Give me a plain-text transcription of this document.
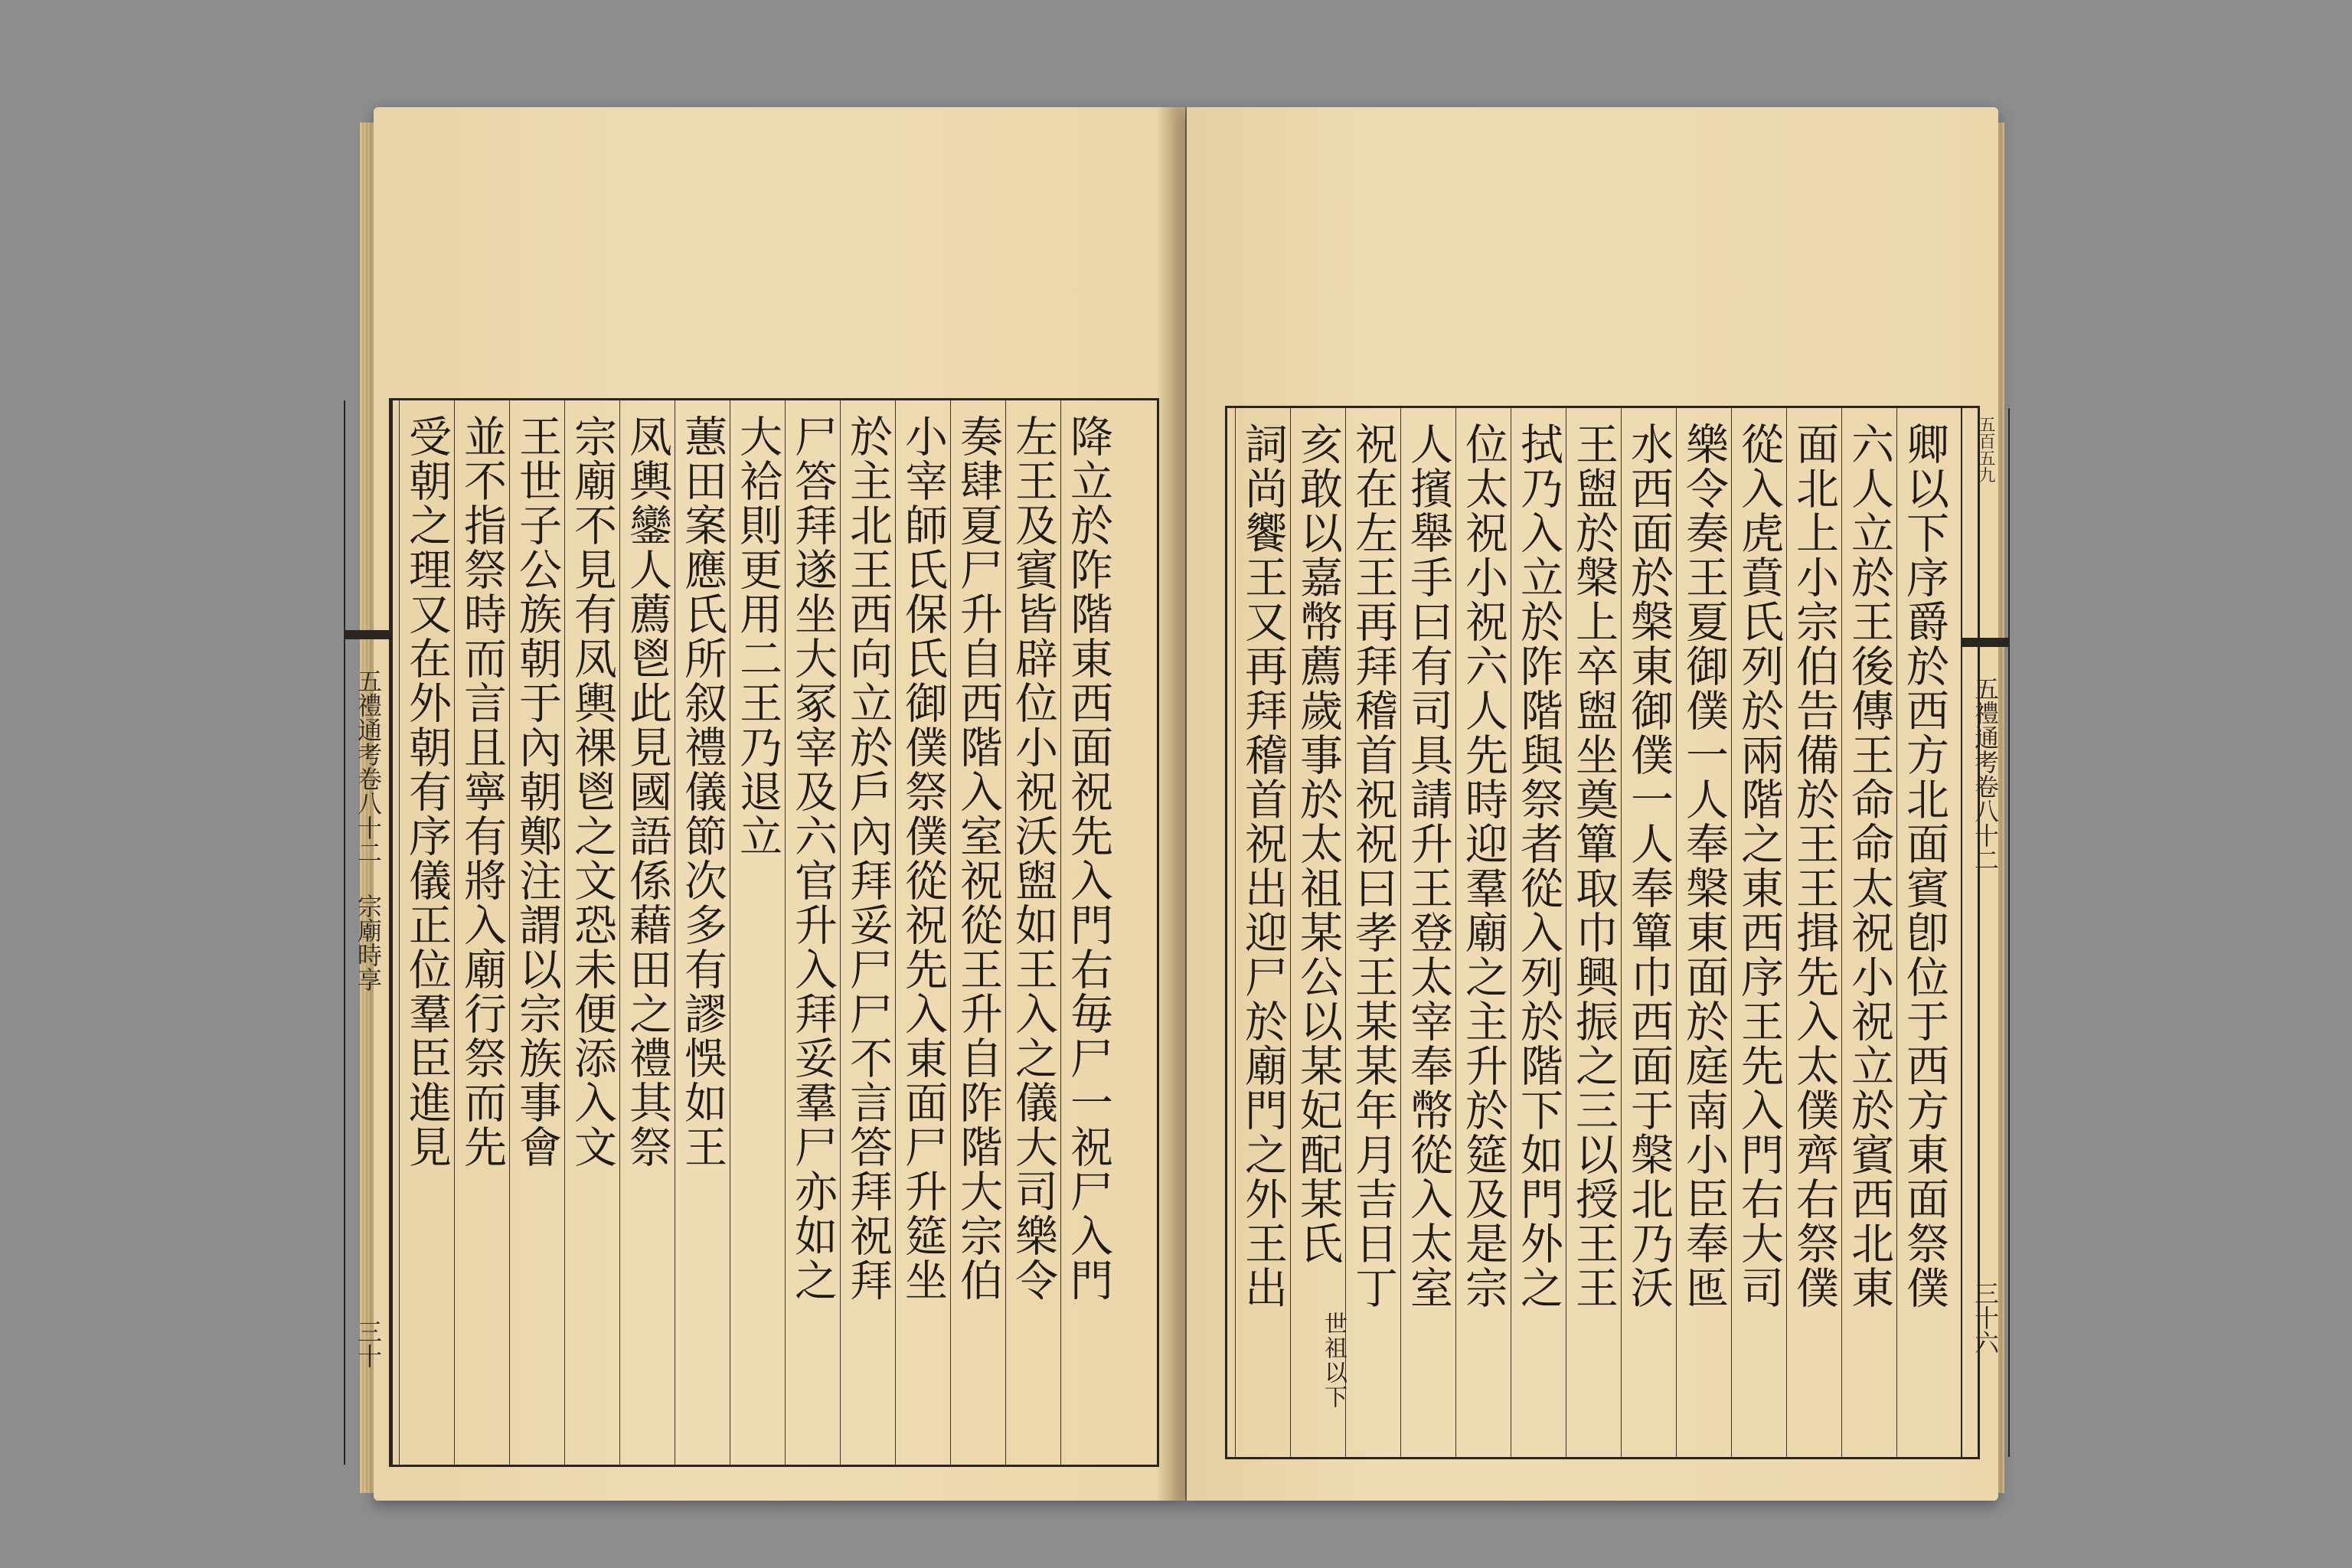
五禮通考卷八十二 宗廟時享
三十
受朝之理又在外朝有序儀正位羣臣進見 並不指祭時而言且寧有將入廟行祭而先 王世子公族朝于內朝鄭注謂以宗族事會 宗廟不見有凤輿祼鬯之文恐未便添入文 凤輿鑾人薦鬯此見國語係藉田之禮其祭 蕙田案應氏所叙禮儀節次多有謬悞如王 大袷則更用二王乃退立 尸答拜遂坐大冢宰及六官升入拜妥羣尸亦如之 於主北王西向立於戶內拜妥尸尸不言答拜祝拜 小宰師氏保氏御僕祭僕從祝先入東面尸升筵坐 奏肆夏尸升自西階入室祝從王升自阼階大宗伯 左王及賓皆辟位小祝沃盥如王入之儀大司樂令 降立於阼階東西面祝先入門右毎尸一祝尸入門	詞尚饗王又再拜稽首祝出迎尸於廟門之外王出 亥敢以嘉幣薦歲事於太祖某公以某妃配某氏 祝在左王再拜稽首祝祝曰孝王某某年月吉日丁 人擯舉手曰有司具請升王登太宰奉幣從入太室 位太祝小祝六人先時迎羣廟之主升於筵及是宗 拭乃入立於阼階與祭者從入列於階下如門外之 王盥於槃上卒盥坐奠簞取巾興振之三以授王王 水西面於槃東御僕一人奉簞巾西面于槃北乃沃 樂令奏王夏御僕一人奉槃東面於庭南小臣奉匜 從入虎賁氏列於兩階之東西序王先入門右大司 面北上小宗伯告備於王王揖先入太僕齊右祭僕 六人立於王後傳王命命太祝小祝立於賓西北東 卿以下序爵於西方北面賓卽位于西方東面祭僕
世祖以下
五百五九
五禮通考卷八十二
三十六
